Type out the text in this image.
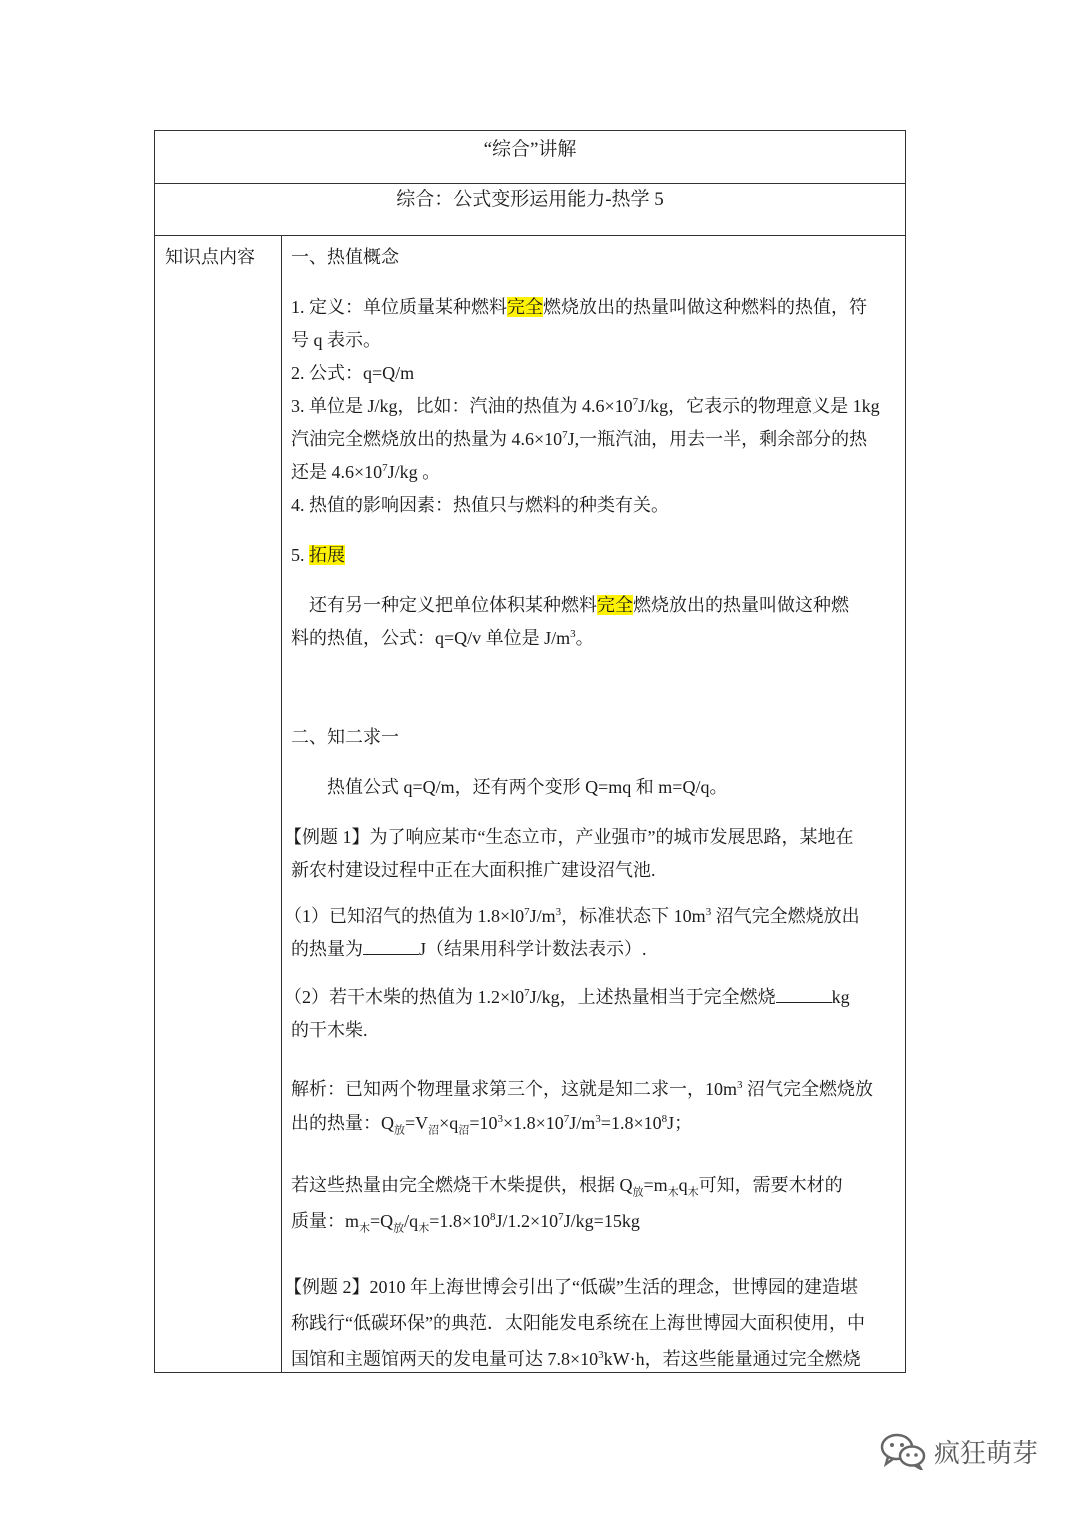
“综合”讲解
综合：公式变形运用能力-热学 5
知识点内容 一、热值概念
1. 定义：单位质量某种燃料完全燃烧放出的热量叫做这种燃料的热值，符
号 q 表示。
2. 公式：q=Q/m
3. 单位是 J/kg，比如：汽油的热值为 $4.6\times 10^7J/kg$，它表示的物理意义是 1kg
汽油完全燃烧放出的热量为 $4.6\times 10^7J$,一瓶汽油，用去一半，剩余部分的热
还是 $4.6\times 10^7J/kg$ 。
4. 热值的影响因素：热值只与燃料的种类有关。
5. 拓展
还有另一种定义把单位体积某种燃料完全燃烧放出的热量叫做这种燃
料的热值，公式：q=Q/v 单位是 $J/m^3$。
二、知二求一
热值公式 q=Q/m，还有两个变形 Q=mq 和 m=Q/q。
【例题 1】为了响应某市“生态立市，产业强市”的城市发展思路，某地在
新农村建设过程中正在大面积推广建设沼气池.
（1）已知沼气的热值为 $1.8\times l0^7J/m^3$，标准状态下 $10m^3$ 沼气完全燃烧放出
的热量为	J（结果用科学计数法表示）.
（2）若干木柴的热值为 $1.2\times l0^7J/kg$，上述热量相当于完全燃烧	kg
的干木柴.
解析：已知两个物理量求第三个，这就是知二求一，$10m^3$ 沼气完全燃烧放
出的热量：$Q_放=V_沼\times q_沼=10^3\times 1.8\times 10^7J/m^3=1.8\times 10^8J$；
若这些热量由完全燃烧干木柴提供，根据 $Q_放=m_木q_木$可知，需要木材的
质量：$m_木=Q_放/q_木=1.8\times 10^8J/1.2\times 10^7J/kg=15kg$
【例题 2】2010 年上海世博会引出了“低碳”生活的理念，世博园的建造堪
称践行“低碳环保”的典范．太阳能发电系统在上海世博园大面积使用，中
国馆和主题馆两天的发电量可达 $7.8\times 10^3kW\cdot h$，若这些能量通过完全燃烧
疯狂萌芽
